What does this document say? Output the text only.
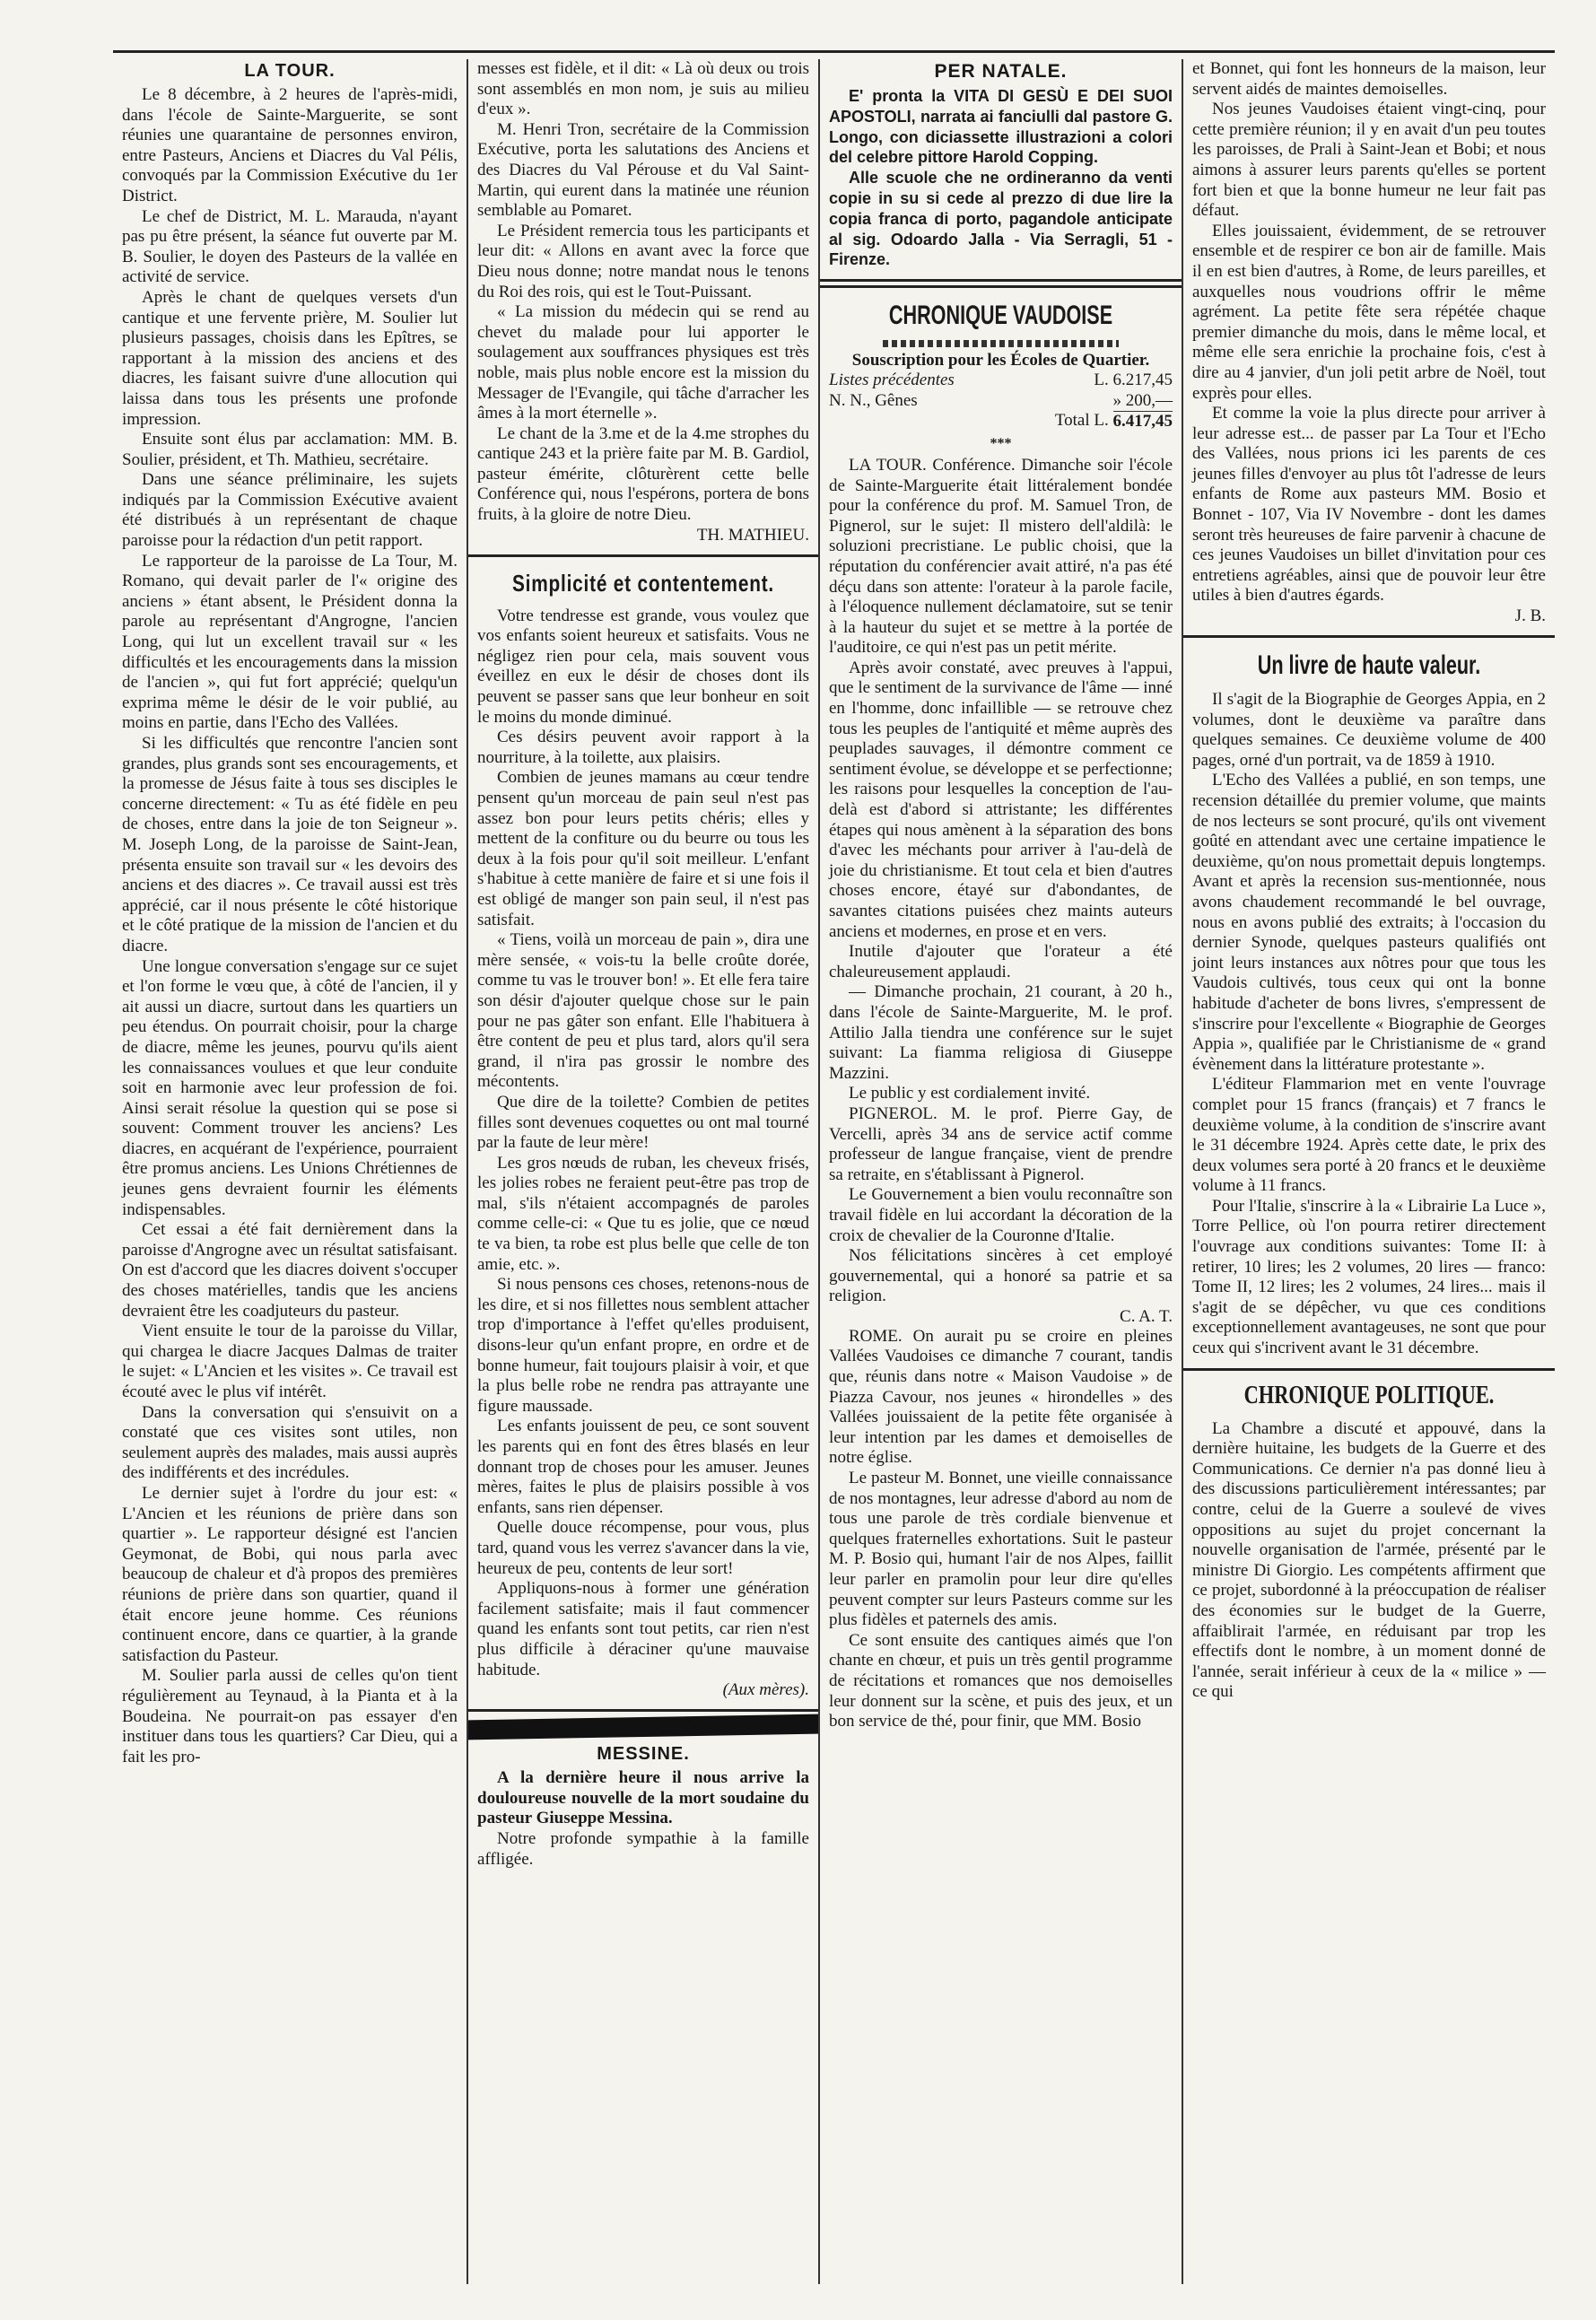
LA TOUR.

Le 8 décembre, à 2 heures de l'après-midi, dans l'école de Sainte-Marguerite, se sont réunies une quarantaine de personnes environ, entre Pasteurs, Anciens et Diacres du Val Pélis, convoqués par la Commission Exécutive du 1er District.

Le chef de District, M. L. Marauda, n'ayant pas pu être présent, la séance fut ouverte par M. B. Soulier, le doyen des Pasteurs de la vallée en activité de service.

Après le chant de quelques versets d'un cantique et une fervente prière, M. Soulier lut plusieurs passages, choisis dans les Epîtres, se rapportant à la mission des anciens et des diacres, les faisant suivre d'une allocution qui laissa dans tous les présents une profonde impression.

Ensuite sont élus par acclamation: MM. B. Soulier, président, et Th. Mathieu, secrétaire.

Dans une séance préliminaire, les sujets indiqués par la Commission Exécutive avaient été distribués à un représentant de chaque paroisse pour la rédaction d'un petit rapport.

Le rapporteur de la paroisse de La Tour, M. Romano, qui devait parler de l'« origine des anciens » étant absent, le Président donna la parole au représentant d'Angrogne, l'ancien Long, qui lut un excellent travail sur « les difficultés et les encouragements dans la mission de l'ancien », qui fut fort apprécié; quelqu'un exprima même le désir de le voir publié, au moins en partie, dans l'Echo des Vallées.

Si les difficultés que rencontre l'ancien sont grandes, plus grands sont ses encouragements, et la promesse de Jésus faite à tous ses disciples le concerne directement: « Tu as été fidèle en peu de choses, entre dans la joie de ton Seigneur ». M. Joseph Long, de la paroisse de Saint-Jean, présenta ensuite son travail sur « les devoirs des anciens et des diacres ». Ce travail aussi est très apprécié, car il nous présente le côté historique et le côté pratique de la mission de l'ancien et du diacre.

Une longue conversation s'engage sur ce sujet et l'on forme le vœu que, à côté de l'ancien, il y ait aussi un diacre, surtout dans les quartiers un peu étendus. On pourrait choisir, pour la charge de diacre, même les jeunes, pourvu qu'ils aient les connaissances voulues et que leur conduite soit en harmonie avec leur profession de foi. Ainsi serait résolue la question qui se pose si souvent: Comment trouver les anciens? Les diacres, en acquérant de l'expérience, pourraient être promus anciens. Les Unions Chrétiennes de jeunes gens devraient fournir les éléments indispensables.

Cet essai a été fait dernièrement dans la paroisse d'Angrogne avec un résultat satisfaisant. On est d'accord que les diacres doivent s'occuper des choses matérielles, tandis que les anciens devraient être les coadjuteurs du pasteur.

Vient ensuite le tour de la paroisse du Villar, qui chargea le diacre Jacques Dalmas de traiter le sujet: « L'Ancien et les visites ». Ce travail est écouté avec le plus vif intérêt.

Dans la conversation qui s'ensuivit on a constaté que ces visites sont utiles, non seulement auprès des malades, mais aussi auprès des indifférents et des incrédules.

Le dernier sujet à l'ordre du jour est: « L'Ancien et les réunions de prière dans son quartier ». Le rapporteur désigné est l'ancien Geymonat, de Bobi, qui nous parla avec beaucoup de chaleur et d'à propos des premières réunions de prière dans son quartier, quand il était encore jeune homme. Ces réunions continuent encore, dans ce quartier, à la grande satisfaction du Pasteur.

M. Soulier parla aussi de celles qu'on tient régulièrement au Teynaud, à la Pianta et à la Boudeina. Ne pourrait-on pas essayer d'en instituer dans tous les quartiers? Car Dieu, qui a fait les pro-

messes est fidèle, et il dit: « Là où deux ou trois sont assemblés en mon nom, je suis au milieu d'eux ».

M. Henri Tron, secrétaire de la Commission Exécutive, porta les salutations des Anciens et des Diacres du Val Pérouse et du Val Saint-Martin, qui eurent dans la matinée une réunion semblable au Pomaret.

Le Président remercia tous les participants et leur dit: « Allons en avant avec la force que Dieu nous donne; notre mandat nous le tenons du Roi des rois, qui est le Tout-Puissant.

« La mission du médecin qui se rend au chevet du malade pour lui apporter le soulagement aux souffrances physiques est très noble, mais plus noble encore est la mission du Messager de l'Evangile, qui tâche d'arracher les âmes à la mort éternelle ».

Le chant de la 3.me et de la 4.me strophes du cantique 243 et la prière faite par M. B. Gardiol, pasteur émérite, clôturèrent cette belle Conférence qui, nous l'espérons, portera de bons fruits, à la gloire de notre Dieu.

TH. MATHIEU.
Simplicité et contentement.

Votre tendresse est grande, vous voulez que vos enfants soient heureux et satisfaits. Vous ne négligez rien pour cela, mais souvent vous éveillez en eux le désir de choses dont ils peuvent se passer sans que leur bonheur en soit le moins du monde diminué.

Ces désirs peuvent avoir rapport à la nourriture, à la toilette, aux plaisirs.

Combien de jeunes mamans au cœur tendre pensent qu'un morceau de pain seul n'est pas assez bon pour leurs petits chéris; elles y mettent de la confiture ou du beurre ou tous les deux à la fois pour qu'il soit meilleur. L'enfant s'habitue à cette manière de faire et si une fois il est obligé de manger son pain seul, il n'est pas satisfait.

« Tiens, voilà un morceau de pain », dira une mère sensée, « vois-tu la belle croûte dorée, comme tu vas le trouver bon! ». Et elle fera taire son désir d'ajouter quelque chose sur le pain pour ne pas gâter son enfant. Elle l'habituera à être content de peu et plus tard, alors qu'il sera grand, il n'ira pas grossir le nombre des mécontents.

Que dire de la toilette? Combien de petites filles sont devenues coquettes ou ont mal tourné par la faute de leur mère!

Les gros nœuds de ruban, les cheveux frisés, les jolies robes ne feraient peut-être pas trop de mal, s'ils n'étaient accompagnés de paroles comme celle-ci: « Que tu es jolie, que ce nœud te va bien, ta robe est plus belle que celle de ton amie, etc. ».

Si nous pensons ces choses, retenons-nous de les dire, et si nos fillettes nous semblent attacher trop d'importance à l'effet qu'elles produisent, disons-leur qu'un enfant propre, en ordre et de bonne humeur, fait toujours plaisir à voir, et que la plus belle robe ne rendra pas attrayante une figure maussade.

Les enfants jouissent de peu, ce sont souvent les parents qui en font des êtres blasés en leur donnant trop de choses pour les amuser. Jeunes mères, faites le plus de plaisirs possible à vos enfants, sans rien dépenser.

Quelle douce récompense, pour vous, plus tard, quand vous les verrez s'avancer dans la vie, heureux de peu, contents de leur sort!

Appliquons-nous à former une génération facilement satisfaite; mais il faut commencer quand les enfants sont tout petits, car rien n'est plus difficile à déraciner qu'une mauvaise habitude.

(Aux mères).
MESSINE.

A la dernière heure il nous arrive la douloureuse nouvelle de la mort soudaine du pasteur Giuseppe Messina.

Notre profonde sympathie à la famille affligée.

PER NATALE.

E' pronta la VITA DI GESÙ E DEI SUOI APOSTOLI, narrata ai fanciulli dal pastore G. Longo, con diciassette illustrazioni a colori del celebre pittore Harold Copping.

Alle scuole che ne ordineranno da venti copie in su si cede al prezzo di due lire la copia franca di porto, pagandole anticipate al sig. Odoardo Jalla - Via Serragli, 51 - Firenze.

CHRONIQUE VAUDOISE
Souscription pour les Écoles de Quartier.
Listes précédentes	L. 6.217,45
N. N., Gênes	» 200,—
Total L.
6.417,45
***

LA TOUR. Conférence. Dimanche soir l'école de Sainte-Marguerite était littéralement bondée pour la conférence du prof. M. Samuel Tron, de Pignerol, sur le sujet: Il mistero dell'aldilà: le soluzioni precristiane. Le public choisi, que la réputation du conférencier avait attiré, n'a pas été déçu dans son attente: l'orateur à la parole facile, à l'éloquence nullement déclamatoire, sut se tenir à la hauteur du sujet et se mettre à la portée de l'auditoire, ce qui n'est pas un petit mérite.

Après avoir constaté, avec preuves à l'appui, que le sentiment de la survivance de l'âme — inné en l'homme, donc infaillible — se retrouve chez tous les peuples de l'antiquité et même auprès des peuplades sauvages, il démontre comment ce sentiment évolue, se développe et se perfectionne; les raisons pour lesquelles la conception de l'au-delà est d'abord si attristante; les différentes étapes qui nous amènent à la séparation des bons d'avec les méchants pour arriver à l'au-delà de joie du christianisme. Et tout cela et bien d'autres choses encore, étayé sur d'abondantes, de savantes citations puisées chez maints auteurs anciens et modernes, en prose et en vers.

Inutile d'ajouter que l'orateur a été chaleureusement applaudi.

— Dimanche prochain, 21 courant, à 20 h., dans l'école de Sainte-Marguerite, M. le prof. Attilio Jalla tiendra une conférence sur le sujet suivant: La fiamma religiosa di Giuseppe Mazzini.

Le public y est cordialement invité.

PIGNEROL. M. le prof. Pierre Gay, de Vercelli, après 34 ans de service actif comme professeur de langue française, vient de prendre sa retraite, en s'établissant à Pignerol.

Le Gouvernement a bien voulu reconnaître son travail fidèle en lui accordant la décoration de la croix de chevalier de la Couronne d'Italie.

Nos félicitations sincères à cet employé gouvernemental, qui a honoré sa patrie et sa religion.

C. A. T.

ROME. On aurait pu se croire en pleines Vallées Vaudoises ce dimanche 7 courant, tandis que, réunis dans notre « Maison Vaudoise » de Piazza Cavour, nos jeunes « hirondelles » des Vallées jouissaient de la petite fête organisée à leur intention par les dames et demoiselles de notre église.

Le pasteur M. Bonnet, une vieille connaissance de nos montagnes, leur adresse d'abord au nom de tous une parole de très cordiale bienvenue et quelques fraternelles exhortations. Suit le pasteur M. P. Bosio qui, humant l'air de nos Alpes, faillit leur parler en pramolin pour leur dire qu'elles peuvent compter sur leurs Pasteurs comme sur les plus fidèles et paternels des amis.

Ce sont ensuite des cantiques aimés que l'on chante en chœur, et puis un très gentil programme de récitations et romances que nos demoiselles leur donnent sur la scène, et puis des jeux, et un bon service de thé, pour finir, que MM. Bosio

et Bonnet, qui font les honneurs de la maison, leur servent aidés de maintes demoiselles.

Nos jeunes Vaudoises étaient vingt-cinq, pour cette première réunion; il y en avait d'un peu toutes les paroisses, de Prali à Saint-Jean et Bobi; et nous aimons à assurer leurs parents qu'elles se portent fort bien et que la bonne humeur ne leur fait pas défaut.

Elles jouissaient, évidemment, de se retrouver ensemble et de respirer ce bon air de famille. Mais il en est bien d'autres, à Rome, de leurs pareilles, et auxquelles nous voudrions offrir le même agrément. La petite fête sera répétée chaque premier dimanche du mois, dans le même local, et même elle sera enrichie la prochaine fois, c'est à dire au 4 janvier, d'un joli petit arbre de Noël, tout exprès pour elles.

Et comme la voie la plus directe pour arriver à leur adresse est... de passer par La Tour et l'Echo des Vallées, nous prions ici les parents de ces jeunes filles d'envoyer au plus tôt l'adresse de leurs enfants de Rome aux pasteurs MM. Bosio et Bonnet - 107, Via IV Novembre - dont les dames seront très heureuses de faire parvenir à chacune de ces jeunes Vaudoises un billet d'invitation pour ces entretiens agréables, ainsi que de pouvoir leur être utiles à bien d'autres égards.

J. B.
Un livre de haute valeur.

Il s'agit de la Biographie de Georges Appia, en 2 volumes, dont le deuxième va paraître dans quelques semaines. Ce deuxième volume de 400 pages, orné d'un portrait, va de 1859 à 1910.

L'Echo des Vallées a publié, en son temps, une recension détaillée du premier volume, que maints de nos lecteurs se sont procuré, qu'ils ont vivement goûté en attendant avec une certaine impatience le deuxième, qu'on nous promettait depuis longtemps. Avant et après la recension sus-mentionnée, nous avons chaudement recommandé le bel ouvrage, nous en avons publié des extraits; à l'occasion du dernier Synode, quelques pasteurs qualifiés ont joint leurs instances aux nôtres pour que tous les Vaudois cultivés, tous ceux qui ont la bonne habitude d'acheter de bons livres, s'empressent de s'inscrire pour l'excellente « Biographie de Georges Appia », qualifiée par le Christianisme de « grand évènement dans la littérature protestante ».

L'éditeur Flammarion met en vente l'ouvrage complet pour 15 francs (français) et 7 francs le deuxième volume, à la condition de s'inscrire avant le 31 décembre 1924. Après cette date, le prix des deux volumes sera porté à 20 francs et le deuxième volume à 11 francs.

Pour l'Italie, s'inscrire à la « Librairie La Luce », Torre Pellice, où l'on pourra retirer directement l'ouvrage aux conditions suivantes: Tome II: à retirer, 10 lires; les 2 volumes, 20 lires — franco: Tome II, 12 lires; les 2 volumes, 24 lires... mais il s'agit de se dépêcher, vu que ces conditions exceptionnellement avantageuses, ne sont que pour ceux qui s'incrivent avant le 31 décembre.

CHRONIQUE POLITIQUE.

La Chambre a discuté et appouvé, dans la dernière huitaine, les budgets de la Guerre et des Communications. Ce dernier n'a pas donné lieu à des discussions particulièrement intéressantes; par contre, celui de la Guerre a soulevé de vives oppositions au sujet du projet concernant la nouvelle organisation de l'armée, présenté par le ministre Di Giorgio. Les compétents affirment que ce projet, subordonné à la préoccupation de réaliser des économies sur le budget de la Guerre, affaiblirait l'armée, en réduisant par trop les effectifs dont le nombre, à un moment donné de l'année, serait inférieur à ceux de la « milice » — ce qui
